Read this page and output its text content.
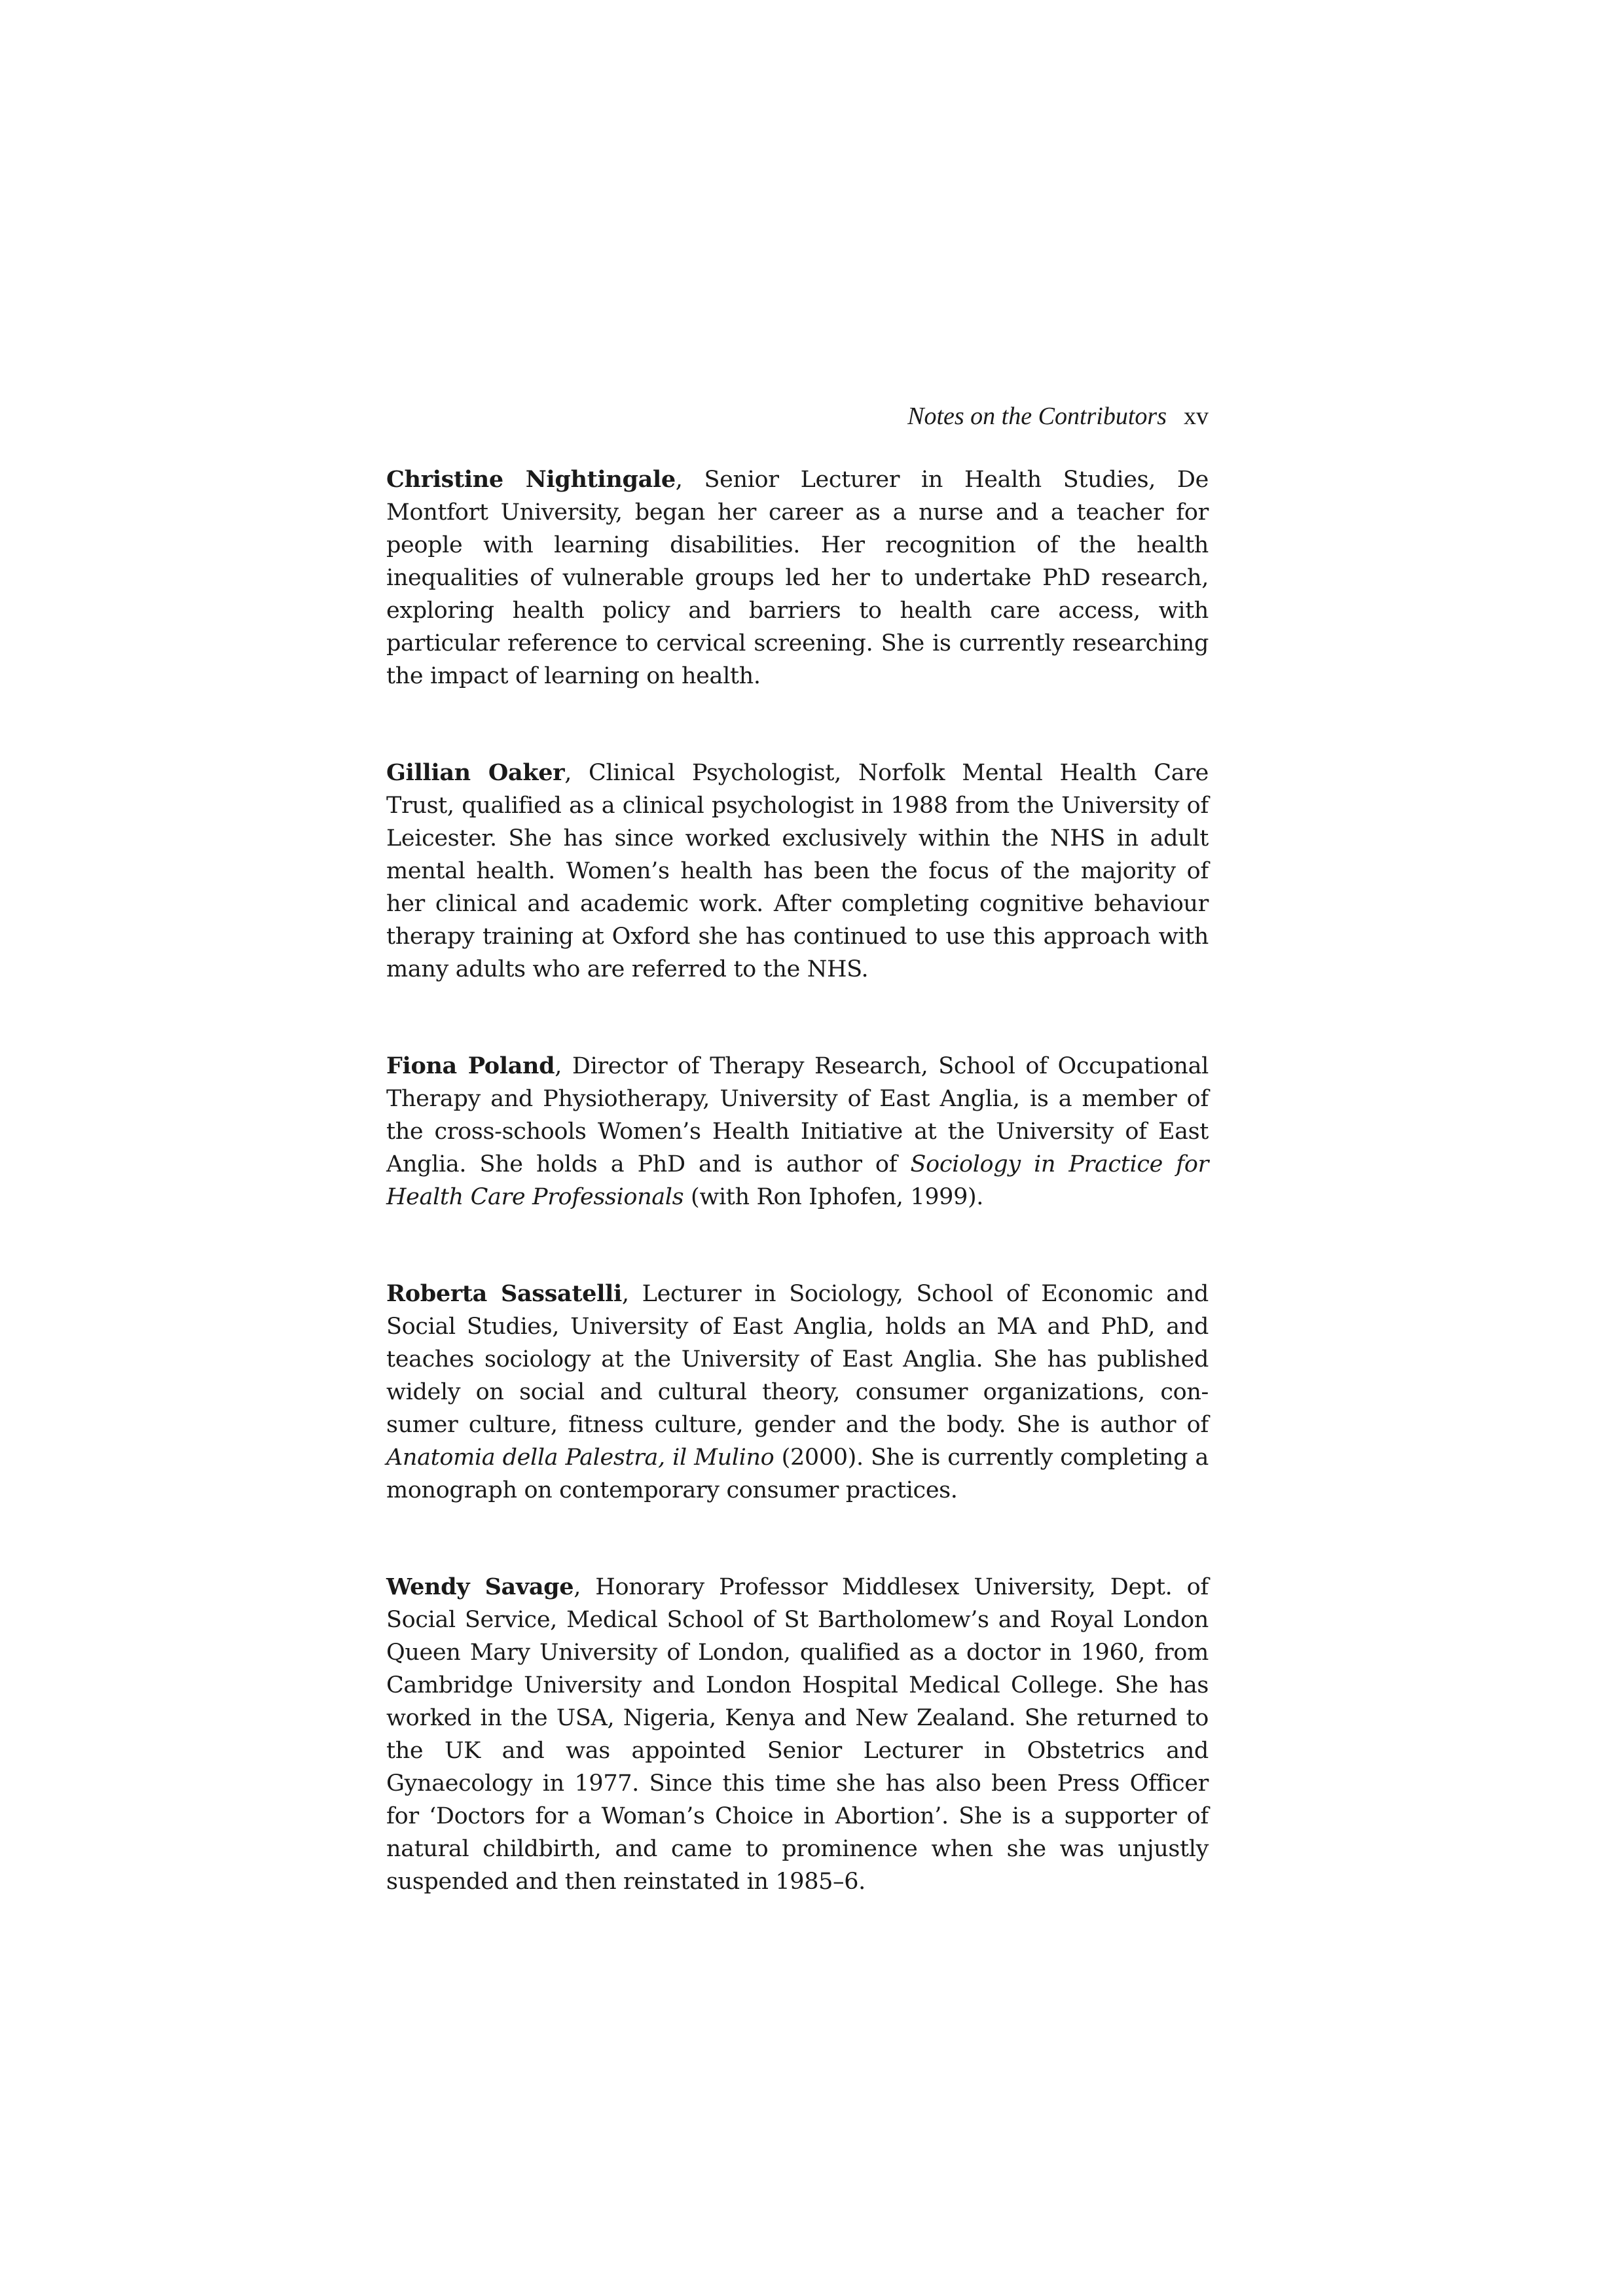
Notes on the Contributors xv

Christine Nightingale, Senior Lecturer in Health Studies, De Montfort University, began her career as a nurse and a teacher for people with learning disabilities. Her recognition of the health inequalities of vulnerable groups led her to undertake PhD research, exploring health policy and barriers to health care access, with particular reference to cervical screening. She is currently researching the impact of learning on health.

Gillian Oaker, Clinical Psychologist, Norfolk Mental Health Care Trust, qualified as a clinical psychologist in 1988 from the University of Leicester. She has since worked exclusively within the NHS in adult mental health. Women’s health has been the focus of the majority of her clinical and academic work. After completing cognitive behaviour therapy training at Oxford she has continued to use this approach with many adults who are referred to the NHS.

Fiona Poland, Director of Therapy Research, School of Occupational Therapy and Physiotherapy, University of East Anglia, is a member of the cross-schools Women’s Health Initiative at the University of East Anglia. She holds a PhD and is author of Sociology in Practice for Health Care Professionals (with Ron Iphofen, 1999).

Roberta Sassatelli, Lecturer in Sociology, School of Economic and Social Studies, University of East Anglia, holds an MA and PhD, and teaches sociology at the University of East Anglia. She has published widely on social and cultural theory, consumer organizations, con-sumer culture, fitness culture, gender and the body. She is author of Anatomia della Palestra, il Mulino (2000). She is currently completing a monograph on contemporary consumer practices.

Wendy Savage, Honorary Professor Middlesex University, Dept. of Social Service, Medical School of St Bartholomew’s and Royal London Queen Mary University of London, qualified as a doctor in 1960, from Cambridge University and London Hospital Medical College. She has worked in the USA, Nigeria, Kenya and New Zealand. She returned to the UK and was appointed Senior Lecturer in Obstetrics and Gynaecology in 1977. Since this time she has also been Press Officer for ‘Doctors for a Woman’s Choice in Abortion’. She is a supporter of natural childbirth, and came to prominence when she was unjustly suspended and then reinstated in 1985–6.
